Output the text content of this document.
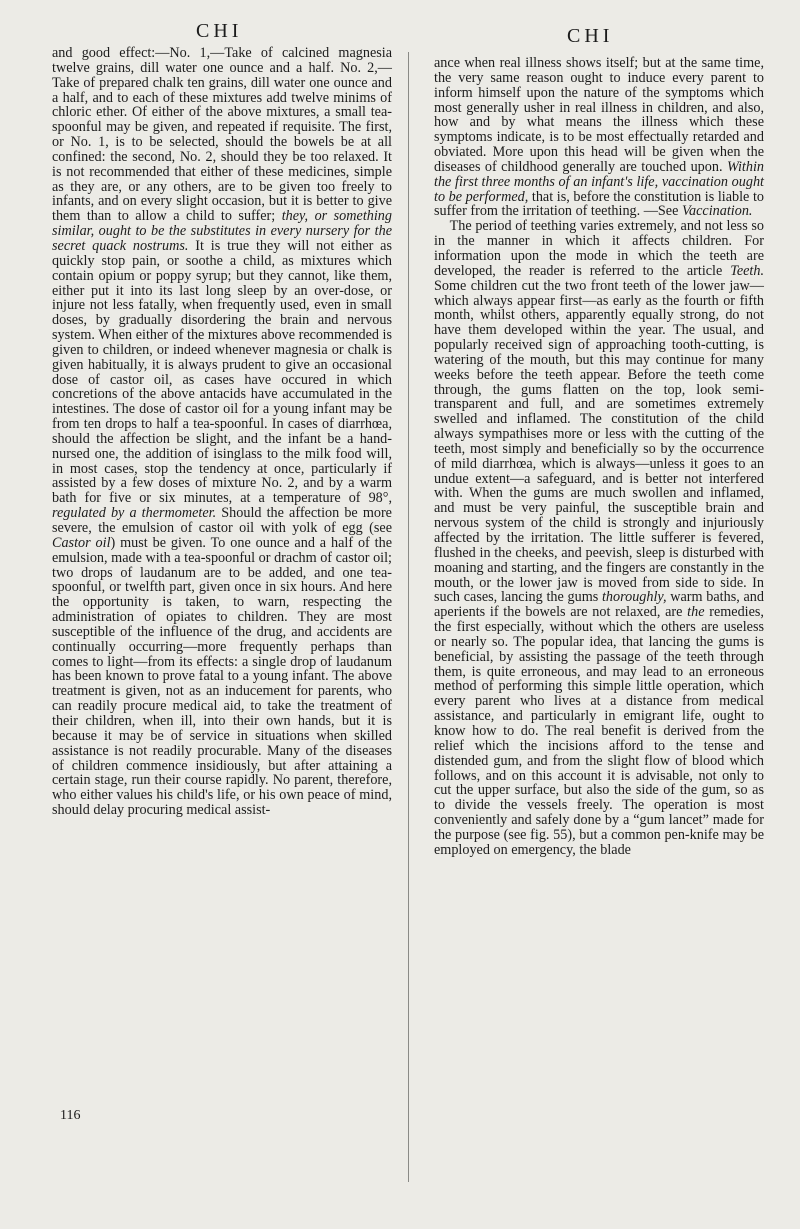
CHI	CHI

and good effect:—No. 1,—Take of calcined magnesia twelve grains, dill water one ounce and a half. No. 2,—Take of prepared chalk ten grains, dill water one ounce and a half, and to each of these mixtures add twelve minims of chloric ether. Of either of the above mixtures, a small tea-spoonful may be given, and repeated if requisite. The first, or No. 1, is to be selected, should the bowels be at all confined: the second, No. 2, should they be too relaxed. It is not recommended that either of these medicines, simple as they are, or any others, are to be given too freely to infants, and on every slight occasion, but it is better to give them than to allow a child to suffer; they, or something similar, ought to be the substitutes in every nursery for the secret quack nostrums. It is true they will not either as quickly stop pain, or soothe a child, as mixtures which contain opium or poppy syrup; but they cannot, like them, either put it into its last long sleep by an over-dose, or injure not less fatally, when frequently used, even in small doses, by gradually disordering the brain and nervous system. When either of the mixtures above recommended is given to children, or indeed whenever magnesia or chalk is given habitually, it is always prudent to give an occasional dose of castor oil, as cases have occured in which concretions of the above antacids have accumulated in the intestines. The dose of castor oil for a young infant may be from ten drops to half a tea-spoonful. In cases of diarrhœa, should the affection be slight, and the infant be a hand-nursed one, the addition of isinglass to the milk food will, in most cases, stop the tendency at once, particularly if assisted by a few doses of mixture No. 2, and by a warm bath for five or six minutes, at a temperature of 98°, regulated by a thermometer. Should the affection be more severe, the emulsion of castor oil with yolk of egg (see Castor oil) must be given. To one ounce and a half of the emulsion, made with a tea-spoonful or drachm of castor oil; two drops of laudanum are to be added, and one tea-spoonful, or twelfth part, given once in six hours. And here the opportunity is taken, to warn, respecting the administration of opiates to children. They are most susceptible of the influence of the drug, and accidents are continually occurring—more frequently perhaps than comes to light—from its effects: a single drop of laudanum has been known to prove fatal to a young infant. The above treatment is given, not as an inducement for parents, who can readily procure medical aid, to take the treatment of their children, when ill, into their own hands, but it is because it may be of service in situations when skilled assistance is not readily procurable. Many of the diseases of children commence insidiously, but after attaining a certain stage, run their course rapidly. No parent, therefore, who either values his child's life, or his own peace of mind, should delay procuring medical assist-

ance when real illness shows itself; but at the same time, the very same reason ought to induce every parent to inform himself upon the nature of the symptoms which most generally usher in real illness in children, and also, how and by what means the illness which these symptoms indicate, is to be most effectually retarded and obviated. More upon this head will be given when the diseases of childhood generally are touched upon. Within the first three months of an infant's life, vaccination ought to be performed, that is, before the constitution is liable to suffer from the irritation of teething. —See Vaccination.

The period of teething varies extremely, and not less so in the manner in which it affects children. For information upon the mode in which the teeth are developed, the reader is referred to the article Teeth. Some children cut the two front teeth of the lower jaw—which always appear first—as early as the fourth or fifth month, whilst others, apparently equally strong, do not have them developed within the year. The usual, and popularly received sign of approaching tooth-cutting, is watering of the mouth, but this may continue for many weeks before the teeth appear. Before the teeth come through, the gums flatten on the top, look semi-transparent and full, and are sometimes extremely swelled and inflamed. The constitution of the child always sympathises more or less with the cutting of the teeth, most simply and beneficially so by the occurrence of mild diarrhœa, which is always—unless it goes to an undue extent—a safeguard, and is better not interfered with. When the gums are much swollen and inflamed, and must be very painful, the susceptible brain and nervous system of the child is strongly and injuriously affected by the irritation. The little sufferer is fevered, flushed in the cheeks, and peevish, sleep is disturbed with moaning and starting, and the fingers are constantly in the mouth, or the lower jaw is moved from side to side. In such cases, lancing the gums thoroughly, warm baths, and aperients if the bowels are not relaxed, are the remedies, the first especially, without which the others are useless or nearly so. The popular idea, that lancing the gums is beneficial, by assisting the passage of the teeth through them, is quite erroneous, and may lead to an erroneous method of performing this simple little operation, which every parent who lives at a distance from medical assistance, and particularly in emigrant life, ought to know how to do. The real benefit is derived from the relief which the incisions afford to the tense and distended gum, and from the slight flow of blood which follows, and on this account it is advisable, not only to cut the upper surface, but also the side of the gum, so as to divide the vessels freely. The operation is most conveniently and safely done by a “gum lancet” made for the purpose (see fig. 55), but a common pen-knife may be employed on emergency, the blade

116
